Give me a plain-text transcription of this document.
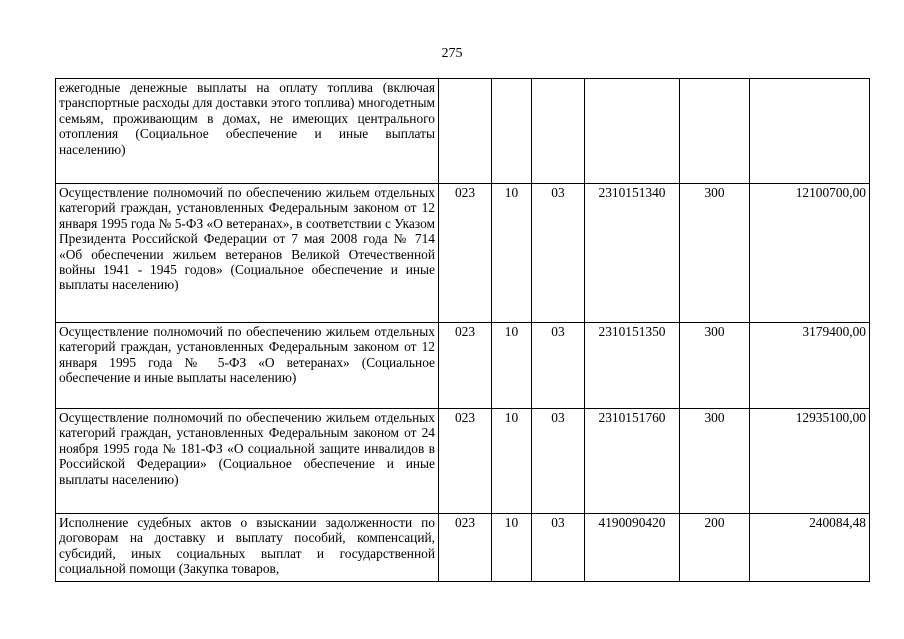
275
ежегодные денежные выплаты на оплату топлива (включая транспортные расходы для доставки этого топлива) многодетным семьям, проживающим в домах, не имеющих центрального отопления (Социальное обеспечение и иные выплаты населению)						
Осуществление полномочий по обеспечению жильем отдельных категорий граждан, установленных Федеральным законом от 12 января 1995 года № 5-ФЗ «О ветеранах», в соответствии с Указом Президента Российской Федерации от 7 мая 2008 года № 714 «Об обеспечении жильем ветеранов Великой Отечественной войны 1941 - 1945 годов» (Социальное обеспечение и иные выплаты населению)	023	10	03	2310151340	300	12100700,00
Осуществление полномочий по обеспечению жильем отдельных категорий граждан, установленных Федеральным законом от 12 января 1995 года № 5-ФЗ «О ветеранах» (Социальное обеспечение и иные выплаты населению)	023	10	03	2310151350	300	3179400,00
Осуществление полномочий по обеспечению жильем отдельных категорий граждан, установленных Федеральным законом от 24 ноября 1995 года № 181-ФЗ «О социальной защите инвалидов в Российской Федерации» (Социальное обеспечение и иные выплаты населению)	023	10	03	2310151760	300	12935100,00
Исполнение судебных актов о взыскании задолженности по договорам на доставку и выплату пособий, компенсаций, субсидий, иных социальных выплат и государственной социальной помощи (Закупка товаров,	023	10	03	4190090420	200	240084,48
